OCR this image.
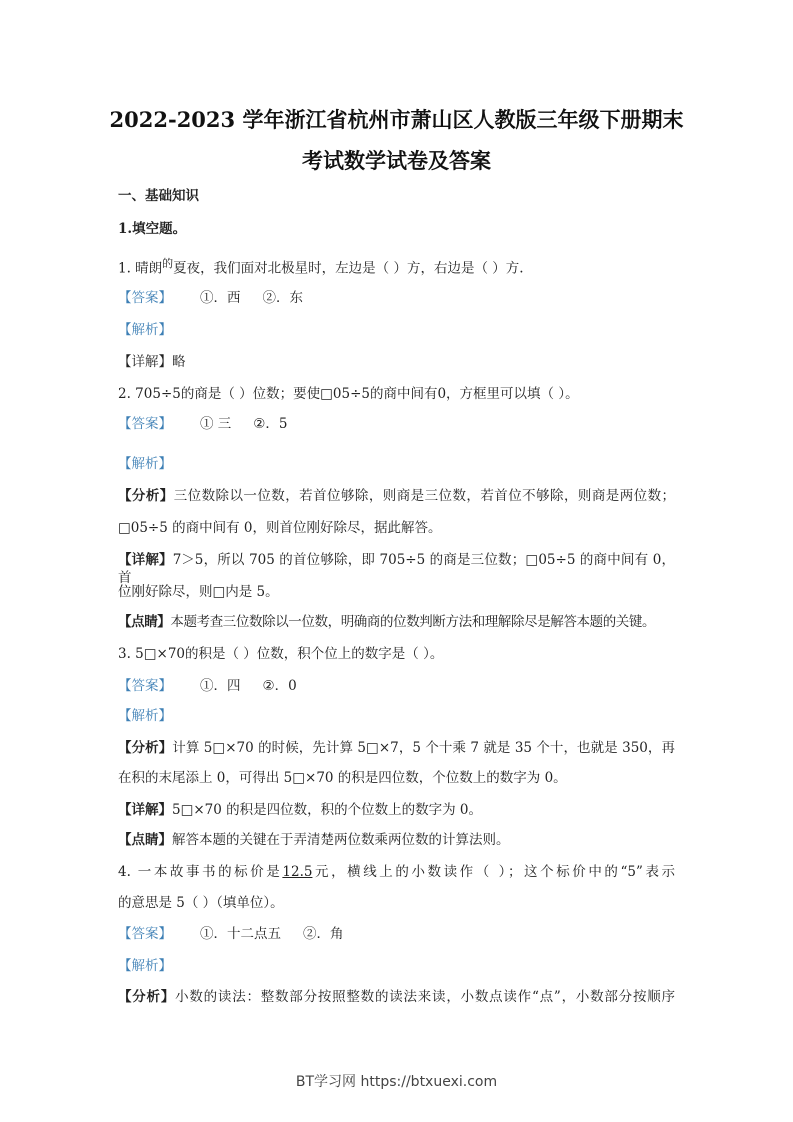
2022-2023 学年浙江省杭州市萧山区人教版三年级下册期末
考试数学试卷及答案
一、基础知识
1.填空题。
1. 晴朗$^的$夏夜，我们面对北极星时，左边是（ ）方，右边是（ ）方.
【答案】 ①．西 ②．东
【解析】
【详解】略
2. 705÷5的商是（ ）位数；要使□05÷5的商中间有0，方框里可以填（ ）。
【答案】 ① 三 ②．5
【解析】
【分析】三位数除以一位数，若首位够除，则商是三位数，若首位不够除，则商是两位数；
□05÷5 的商中间有 0，则首位刚好除尽，据此解答。
【详解】7＞5，所以 705 的首位够除，即 705÷5 的商是三位数；□05÷5 的商中间有 0，首
位刚好除尽，则□内是 5。
【点睛】本题考查三位数除以一位数，明确商的位数判断方法和理解除尽是解答本题的关键。
3. 5□×70的积是（ ）位数，积个位上的数字是（ ）。
【答案】 ①．四 ②．0
【解析】
【分析】计算 5□×70 的时候，先计算 5□×7，5 个十乘 7 就是 35 个十，也就是 350，再
在积的末尾添上 0，可得出 5□×70 的积是四位数，个位数上的数字为 0。
【详解】5□×70 的积是四位数，积的个位数上的数字为 0。
【点睛】解答本题的关键在于弄清楚两位数乘两位数的计算法则。
4. 一本故事书的标价是12.5元，横线上的小数读作（ ）；这个标价中的“5”表示
的意思是 5（ ）（填单位）。
【答案】 ①．十二点五 ②．角
【解析】
【分析】小数的读法：整数部分按照整数的读法来读，小数点读作“点”，小数部分按顺序
BT学习网 https://btxuexi.com
